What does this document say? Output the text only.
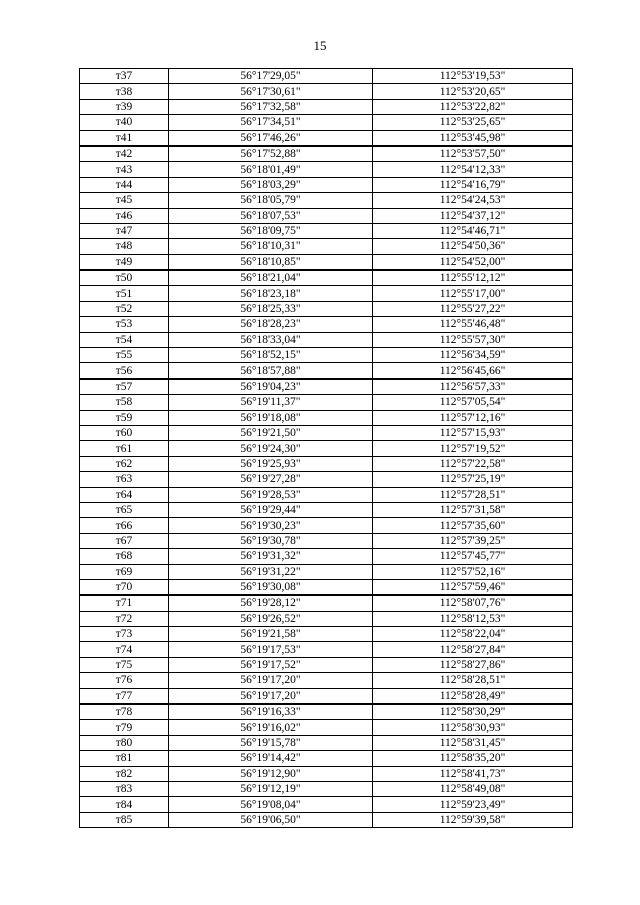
15
т37	56°17'29,05"	112°53'19,53"
т38	56°17'30,61"	112°53'20,65"
т39	56°17'32,58"	112°53'22,82"
т40	56°17'34,51"	112°53'25,65"
т41	56°17'46,26"	112°53'45,98"
т42	56°17'52,88"	112°53'57,50"
т43	56°18'01,49"	112°54'12,33"
т44	56°18'03,29"	112°54'16,79"
т45	56°18'05,79"	112°54'24,53"
т46	56°18'07,53"	112°54'37,12"
т47	56°18'09,75"	112°54'46,71"
т48	56°18'10,31"	112°54'50,36"
т49	56°18'10,85"	112°54'52,00"
т50	56°18'21,04"	112°55'12,12"
т51	56°18'23,18"	112°55'17,00"
т52	56°18'25,33"	112°55'27,22"
т53	56°18'28,23"	112°55'46,48"
т54	56°18'33,04"	112°55'57,30"
т55	56°18'52,15"	112°56'34,59"
т56	56°18'57,88"	112°56'45,66"
т57	56°19'04,23"	112°56'57,33"
т58	56°19'11,37"	112°57'05,54"
т59	56°19'18,08"	112°57'12,16"
т60	56°19'21,50"	112°57'15,93"
т61	56°19'24,30"	112°57'19,52"
т62	56°19'25,93"	112°57'22,58"
т63	56°19'27,28"	112°57'25,19"
т64	56°19'28,53"	112°57'28,51"
т65	56°19'29,44"	112°57'31,58"
т66	56°19'30,23"	112°57'35,60"
т67	56°19'30,78"	112°57'39,25"
т68	56°19'31,32"	112°57'45,77"
т69	56°19'31,22"	112°57'52,16"
т70	56°19'30,08"	112°57'59,46"
т71	56°19'28,12"	112°58'07,76"
т72	56°19'26,52"	112°58'12,53"
т73	56°19'21,58"	112°58'22,04"
т74	56°19'17,53"	112°58'27,84"
т75	56°19'17,52"	112°58'27,86"
т76	56°19'17,20"	112°58'28,51"
т77	56°19'17,20"	112°58'28,49"
т78	56°19'16,33"	112°58'30,29"
т79	56°19'16,02"	112°58'30,93"
т80	56°19'15,78"	112°58'31,45"
т81	56°19'14,42"	112°58'35,20"
т82	56°19'12,90"	112°58'41,73"
т83	56°19'12,19"	112°58'49,08"
т84	56°19'08,04"	112°59'23,49"
т85	56°19'06,50"	112°59'39,58"
